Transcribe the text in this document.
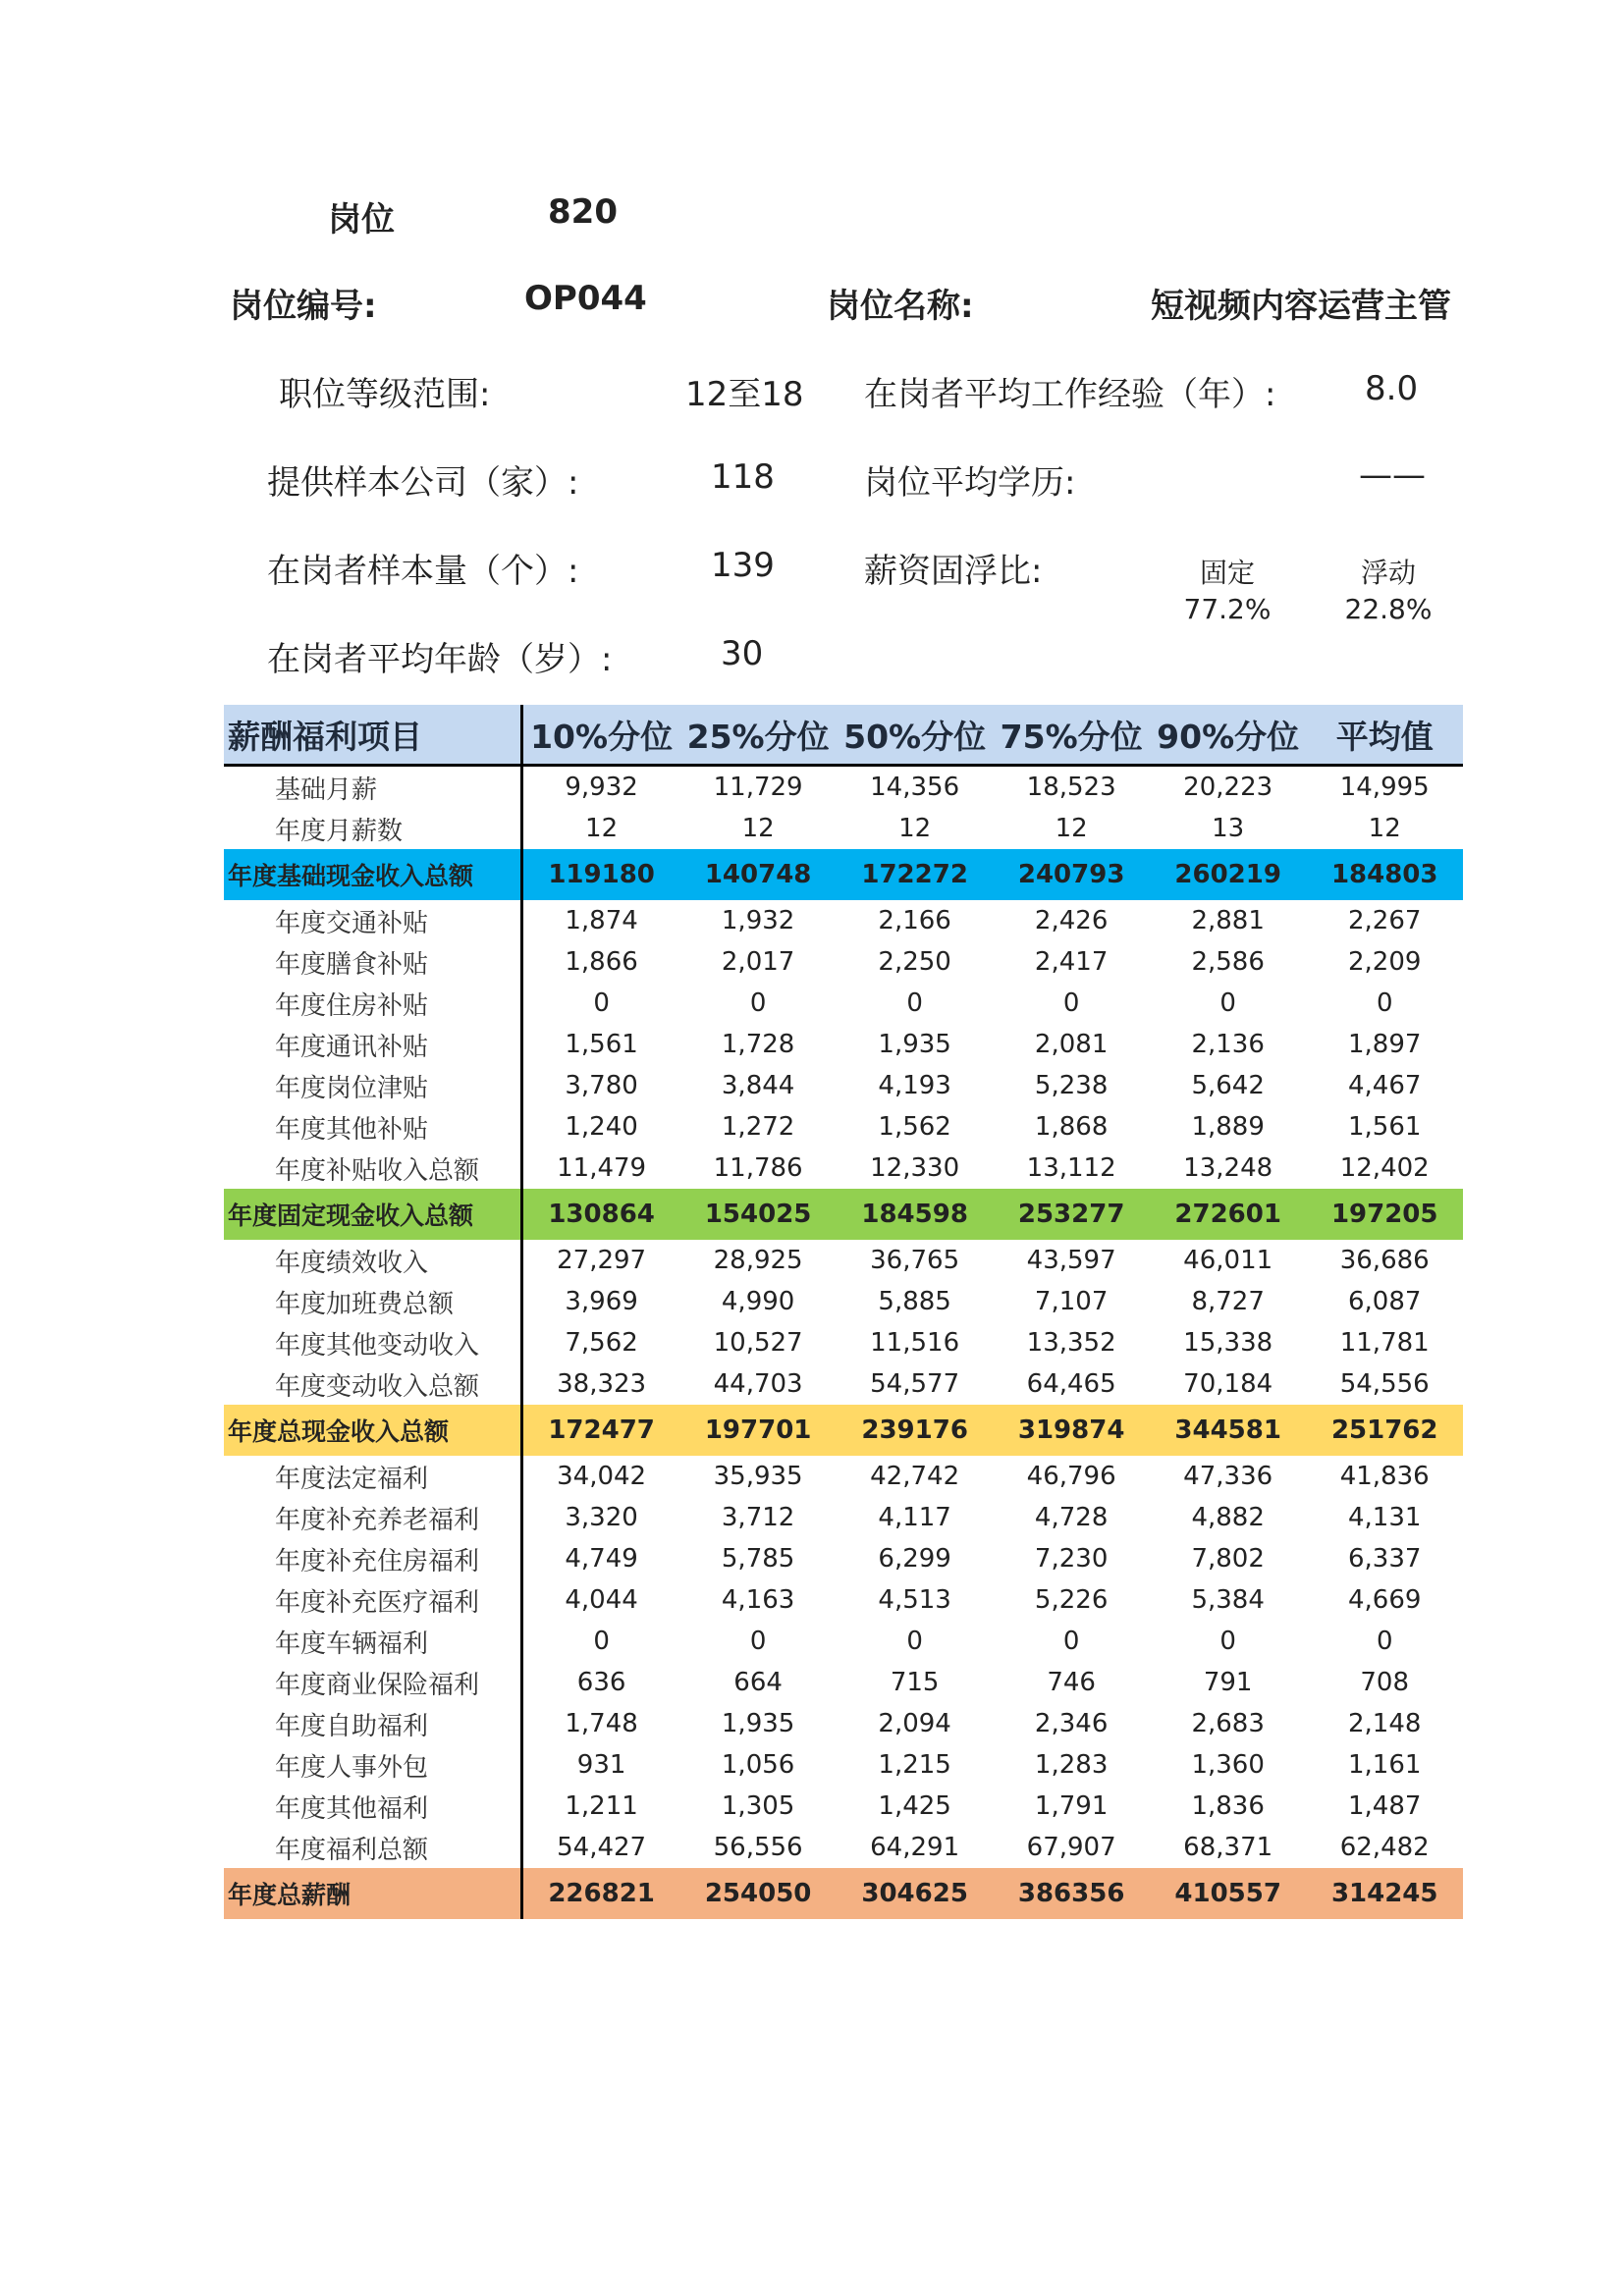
岗位	820
岗位编号:	OP044	岗位名称:	短视频内容运营主管
职位等级范围:	12至18 在岗者平均工作经验（年）:	8.0
提供样本公司（家）:	118	岗位平均学历:	——
在岗者样本量（个）:	139	薪资固浮比:	固定
77.2%
浮动
22.8%
在岗者平均年龄（岁）:	30
薪酬福利项目	10%分位	25%分位	50%分位	75%分位	90%分位	平均值
基础月薪	9,932	11,729	14,356	18,523	20,223	14,995
年度月薪数	12	12	12	12	13	12
年度基础现金收入总额	119180	140748	172272	240793	260219	184803
年度交通补贴	1,874	1,932	2,166	2,426	2,881	2,267
年度膳食补贴	1,866	2,017	2,250	2,417	2,586	2,209
年度住房补贴	0	0	0	0	0	0
年度通讯补贴	1,561	1,728	1,935	2,081	2,136	1,897
年度岗位津贴	3,780	3,844	4,193	5,238	5,642	4,467
年度其他补贴	1,240	1,272	1,562	1,868	1,889	1,561
年度补贴收入总额	11,479	11,786	12,330	13,112	13,248	12,402
年度固定现金收入总额	130864	154025	184598	253277	272601	197205
年度绩效收入	27,297	28,925	36,765	43,597	46,011	36,686
年度加班费总额	3,969	4,990	5,885	7,107	8,727	6,087
年度其他变动收入	7,562	10,527	11,516	13,352	15,338	11,781
年度变动收入总额	38,323	44,703	54,577	64,465	70,184	54,556
年度总现金收入总额	172477	197701	239176	319874	344581	251762
年度法定福利	34,042	35,935	42,742	46,796	47,336	41,836
年度补充养老福利	3,320	3,712	4,117	4,728	4,882	4,131
年度补充住房福利	4,749	5,785	6,299	7,230	7,802	6,337
年度补充医疗福利	4,044	4,163	4,513	5,226	5,384	4,669
年度车辆福利	0	0	0	0	0	0
年度商业保险福利	636	664	715	746	791	708
年度自助福利	1,748	1,935	2,094	2,346	2,683	2,148
年度人事外包	931	1,056	1,215	1,283	1,360	1,161
年度其他福利	1,211	1,305	1,425	1,791	1,836	1,487
年度福利总额	54,427	56,556	64,291	67,907	68,371	62,482
年度总薪酬	226821	254050	304625	386356	410557	314245
